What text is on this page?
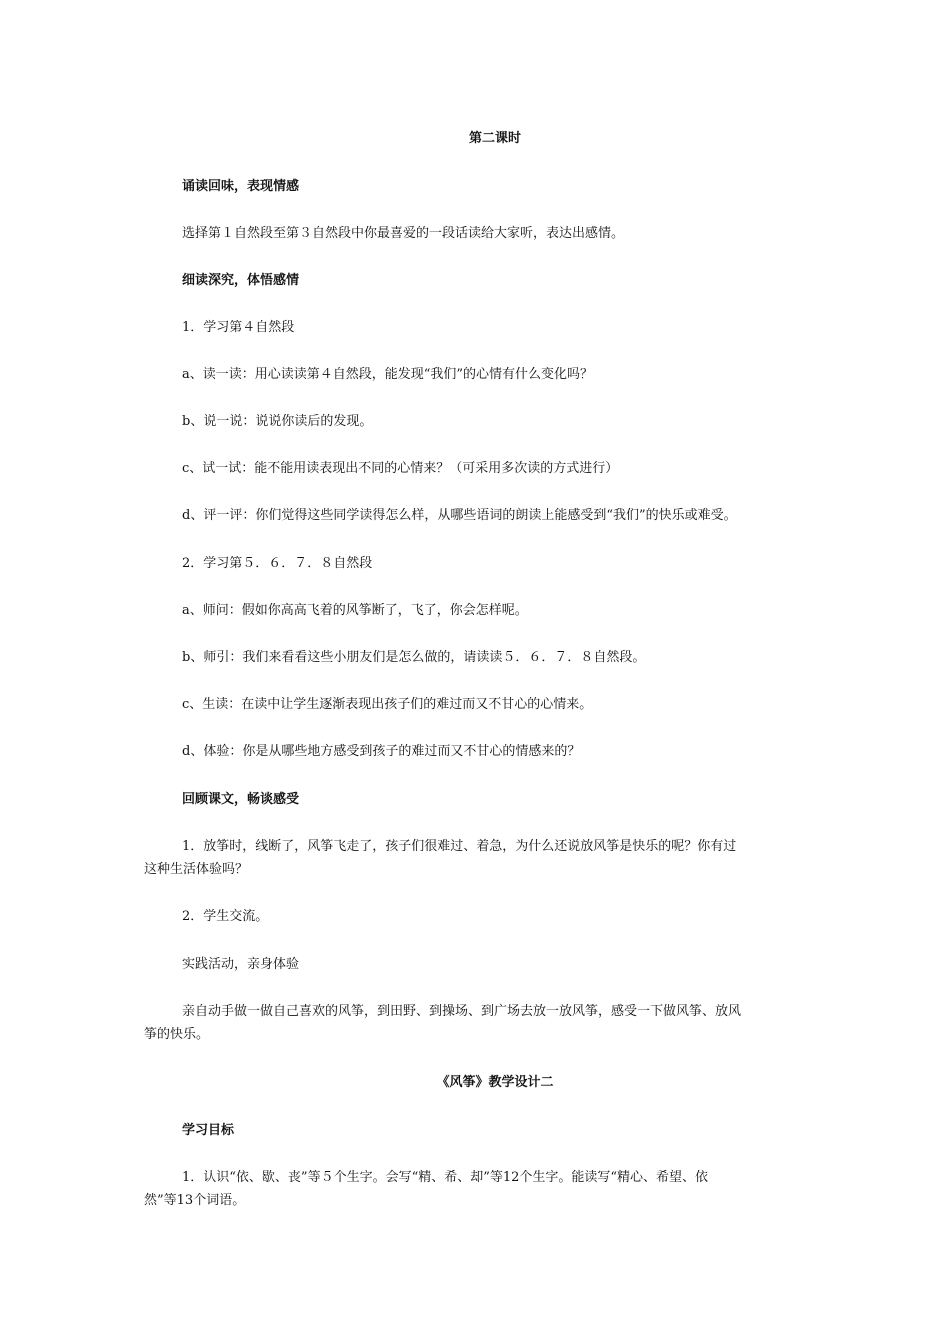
第二课时
诵读回味，表现情感
选择第１自然段至第３自然段中你最喜爱的一段话读给大家听，表达出感情。
细读深究，体悟感情
1．学习第４自然段
a、读一读：用心读读第４自然段，能发现“我们”的心情有什么变化吗？
b、说一说：说说你读后的发现。
c、试一试：能不能用读表现出不同的心情来？（可采用多次读的方式进行）
d、评一评：你们觉得这些同学读得怎么样，从哪些语词的朗读上能感受到“我们”的快乐或难受。
2．学习第５．６．７．８自然段
a、师问：假如你高高飞着的风筝断了，飞了，你会怎样呢。
b、师引：我们来看看这些小朋友们是怎么做的，请读读５．６．７．８自然段。
c、生读：在读中让学生逐渐表现出孩子们的难过而又不甘心的心情来。
d、体验：你是从哪些地方感受到孩子的难过而又不甘心的情感来的？
回顾课文，畅谈感受
1．放筝时，线断了，风筝飞走了，孩子们很难过、着急，为什么还说放风筝是快乐的呢？你有过
这种生活体验吗？
2．学生交流。
实践活动，亲身体验
亲自动手做一做自己喜欢的风筝，到田野、到操场、到广场去放一放风筝，感受一下做风筝、放风
筝的快乐。
《风筝》教学设计二
学习目标
1．认识“依、歇、丧”等５个生字。会写“精、希、却”等12个生字。能读写“精心、希望、依
然”等13个词语。
